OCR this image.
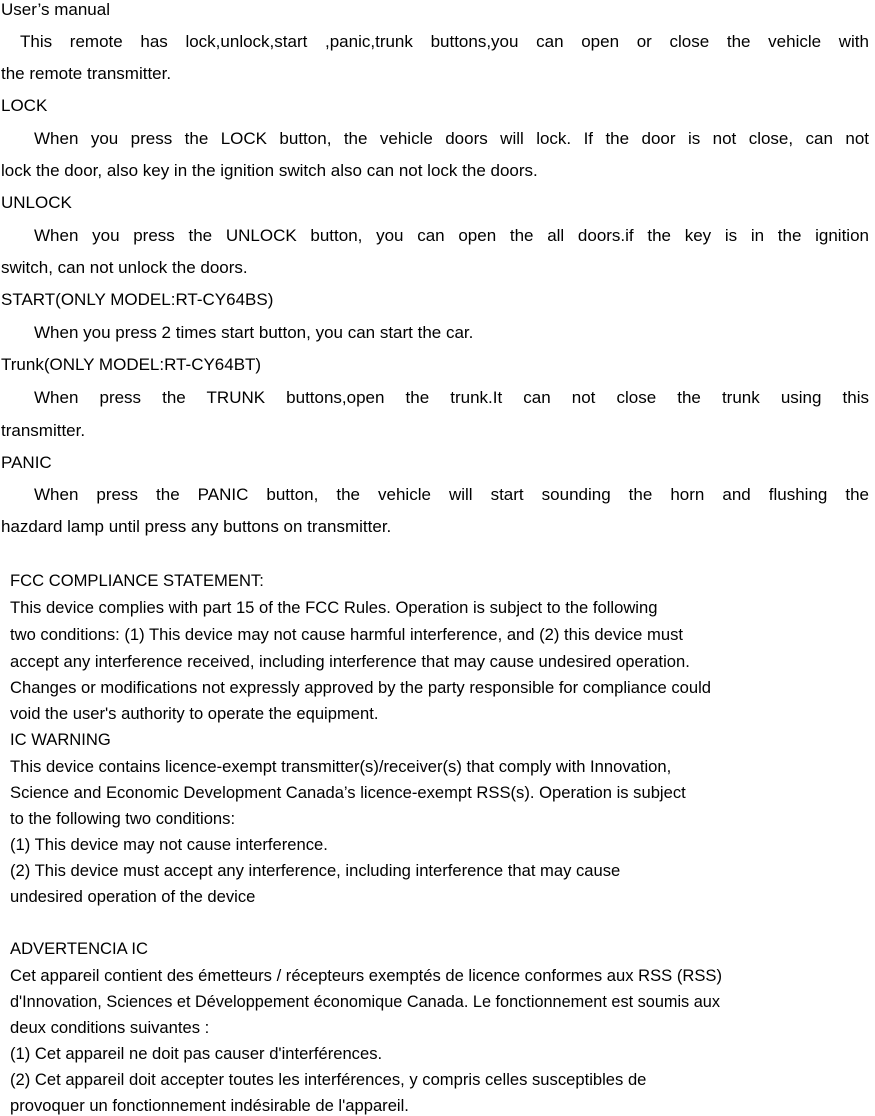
User’s manual
This remote has lock,unlock,start ,panic,trunk buttons,you can open or close the vehicle with
the remote transmitter.
LOCK
When you press the LOCK button, the vehicle doors will lock. If the door is not close, can not
lock the door, also key in the ignition switch also can not lock the doors.
UNLOCK
When you press the UNLOCK button, you can open the all doors.if the key is in the ignition
switch, can not unlock the doors.
START(ONLY MODEL:RT-CY64BS)
When you press 2 times start button, you can start the car.
Trunk(ONLY MODEL:RT-CY64BT)
When press the TRUNK buttons,open the trunk.It can not close the trunk using this
transmitter.
PANIC
When press the PANIC button, the vehicle will start sounding the horn and flushing the
hazdard lamp until press any buttons on transmitter.
FCC COMPLIANCE STATEMENT:
This device complies with part 15 of the FCC Rules. Operation is subject to the following
two conditions: (1) This device may not cause harmful interference, and (2) this device must
accept any interference received, including interference that may cause undesired operation.
Changes or modifications not expressly approved by the party responsible for compliance could
void the user's authority to operate the equipment.
IC WARNING
This device contains licence-exempt transmitter(s)/receiver(s) that comply with Innovation,
Science and Economic Development Canada’s licence-exempt RSS(s). Operation is subject
to the following two conditions:
(1) This device may not cause interference.
(2) This device must accept any interference, including interference that may cause
undesired operation of the device
ADVERTENCIA IC
Cet appareil contient des émetteurs / récepteurs exemptés de licence conformes aux RSS (RSS)
d'Innovation, Sciences et Développement économique Canada. Le fonctionnement est soumis aux
deux conditions suivantes :
(1) Cet appareil ne doit pas causer d'interférences.
(2) Cet appareil doit accepter toutes les interférences, y compris celles susceptibles de
provoquer un fonctionnement indésirable de l'appareil.
